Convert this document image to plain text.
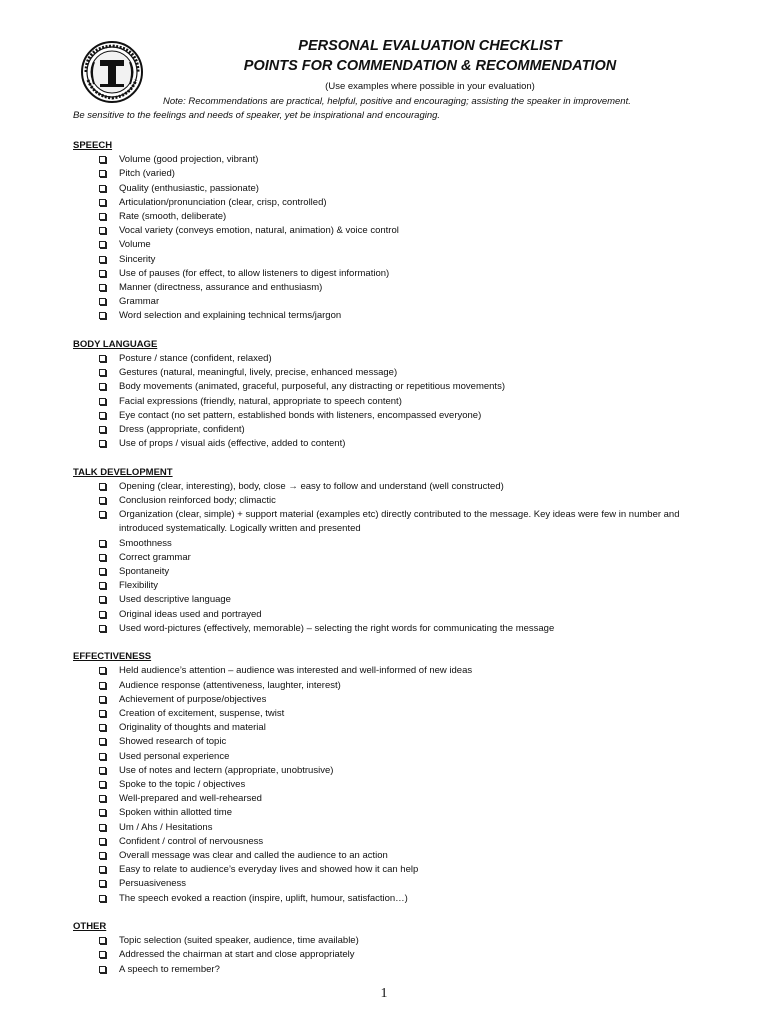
PERSONAL EVALUATION CHECKLIST
POINTS FOR COMMENDATION & RECOMMENDATION
(Use examples where possible in your evaluation)
Note: Recommendations are practical, helpful, positive and encouraging; assisting the speaker in improvement.
Be sensitive to the feelings and needs of speaker, yet be inspirational and encouraging.
SPEECH
Volume (good projection, vibrant)
Pitch (varied)
Quality (enthusiastic, passionate)
Articulation/pronunciation (clear, crisp, controlled)
Rate (smooth, deliberate)
Vocal variety (conveys emotion, natural, animation) & voice control
Volume
Sincerity
Use of pauses (for effect, to allow listeners to digest information)
Manner (directness, assurance and enthusiasm)
Grammar
Word selection and explaining technical terms/jargon
BODY LANGUAGE
Posture / stance (confident, relaxed)
Gestures (natural, meaningful, lively, precise, enhanced message)
Body movements (animated, graceful, purposeful, any distracting or repetitious movements)
Facial expressions (friendly, natural, appropriate to speech content)
Eye contact (no set pattern, established bonds with listeners, encompassed everyone)
Dress (appropriate, confident)
Use of props / visual aids (effective, added to content)
TALK DEVELOPMENT
Opening (clear, interesting), body, close → easy to follow and understand (well constructed)
Conclusion reinforced body; climactic
Organization (clear, simple) + support material (examples etc) directly contributed to the message. Key ideas were few in number and introduced systematically. Logically written and presented
Smoothness
Correct grammar
Spontaneity
Flexibility
Used descriptive language
Original ideas used and portrayed
Used word-pictures (effectively, memorable) – selecting the right words for communicating the message
EFFECTIVENESS
Held audience’s attention – audience was interested and well-informed of new ideas
Audience response (attentiveness, laughter, interest)
Achievement of purpose/objectives
Creation of excitement, suspense, twist
Originality of thoughts and material
Showed research of topic
Used personal experience
Use of notes and lectern (appropriate, unobtrusive)
Spoke to the topic / objectives
Well-prepared and well-rehearsed
Spoken within allotted time
Um / Ahs / Hesitations
Confident / control of nervousness
Overall message was clear and called the audience to an action
Easy to relate to audience’s everyday lives and showed how it can help
Persuasiveness
The speech evoked a reaction (inspire, uplift, humour, satisfaction…)
OTHER
Topic selection (suited speaker, audience, time available)
Addressed the chairman at start and close appropriately
A speech to remember?
1
